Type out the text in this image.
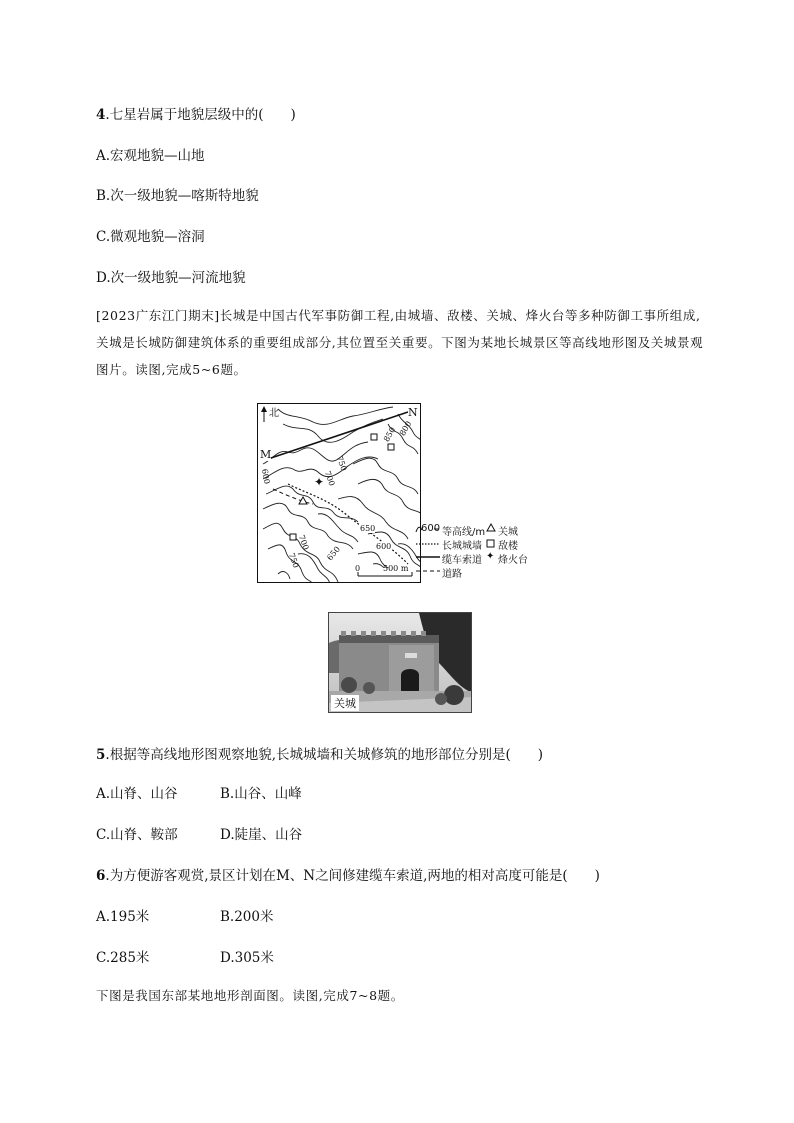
4.七星岩属于地貌层级中的(　　)
A.宏观地貌—山地
B.次一级地貌—喀斯特地貌
C.微观地貌—溶洞
D.次一级地貌—河流地貌
[2023广东江门期末]长城是中国古代军事防御工程,由城墙、敌楼、关城、烽火台等多种防御工事所组成,关城是长城防御建筑体系的重要组成部分,其位置至关重要。下图为某地长城景区等高线地形图及关城景观图片。读图,完成5~6题。
✦
北
M
N
850 800
750
700
600
650
650	600
700
750	0	500 m
600 等高线/m 关城
长城城墙 敌楼
缆车索道 ✦ 烽火台
道路
关城
5.根据等高线地形图观察地貌,长城城墙和关城修筑的地形部位分别是(　　)
A.山脊、山谷	B.山谷、山峰
C.山脊、鞍部	D.陡崖、山谷
6.为方便游客观赏,景区计划在M、N之间修建缆车索道,两地的相对高度可能是(　　)
A.195米	B.200米
C.285米	D.305米
下图是我国东部某地地形剖面图。读图,完成7~8题。
